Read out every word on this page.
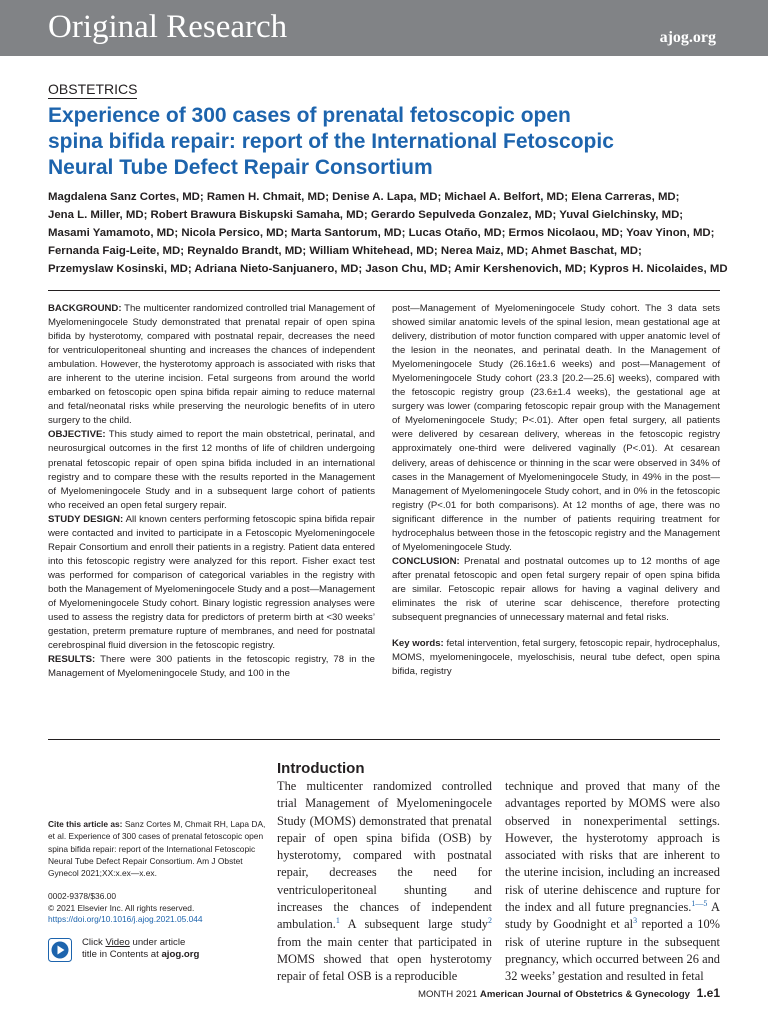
Original Research	ajog.org
OBSTETRICS
Experience of 300 cases of prenatal fetoscopic open
spina bifida repair: report of the International Fetoscopic
Neural Tube Defect Repair Consortium
Magdalena Sanz Cortes, MD; Ramen H. Chmait, MD; Denise A. Lapa, MD; Michael A. Belfort, MD; Elena Carreras, MD;
Jena L. Miller, MD; Robert Brawura Biskupski Samaha, MD; Gerardo Sepulveda Gonzalez, MD; Yuval Gielchinsky, MD;
Masami Yamamoto, MD; Nicola Persico, MD; Marta Santorum, MD; Lucas Otaño, MD; Ermos Nicolaou, MD; Yoav Yinon, MD;
Fernanda Faig-Leite, MD; Reynaldo Brandt, MD; William Whitehead, MD; Nerea Maiz, MD; Ahmet Baschat, MD;
Przemyslaw Kosinski, MD; Adriana Nieto-Sanjuanero, MD; Jason Chu, MD; Amir Kershenovich, MD; Kypros H. Nicolaides, MD

BACKGROUND: The multicenter randomized controlled trial Management of Myelomeningocele Study demonstrated that prenatal repair of open spina bifida by hysterotomy, compared with postnatal repair, decreases the need for ventriculoperitoneal shunting and increases the chances of independent ambulation. However, the hysterotomy approach is associated with risks that are inherent to the uterine incision. Fetal surgeons from around the world embarked on fetoscopic open spina bifida repair aiming to reduce maternal and fetal/neonatal risks while preserving the neurologic benefits of in utero surgery to the child.

OBJECTIVE: This study aimed to report the main obstetrical, perinatal, and neurosurgical outcomes in the first 12 months of life of children undergoing prenatal fetoscopic repair of open spina bifida included in an international registry and to compare these with the results reported in the Management of Myelomeningocele Study and in a subsequent large cohort of patients who received an open fetal surgery repair.

STUDY DESIGN: All known centers performing fetoscopic spina bifida repair were contacted and invited to participate in a Fetoscopic Myelomeningocele Repair Consortium and enroll their patients in a registry. Patient data entered into this fetoscopic registry were analyzed for this report. Fisher exact test was performed for comparison of categorical variables in the registry with both the Management of Myelomeningocele Study and a post—Management of Myelomeningocele Study cohort. Binary logistic regression analyses were used to assess the registry data for predictors of preterm birth at <30 weeks’ gestation, preterm premature rupture of membranes, and need for postnatal cerebrospinal fluid diversion in the fetoscopic registry.

RESULTS: There were 300 patients in the fetoscopic registry, 78 in the Management of Myelomeningocele Study, and 100 in the

post—Management of Myelomeningocele Study cohort. The 3 data sets showed similar anatomic levels of the spinal lesion, mean gestational age at delivery, distribution of motor function compared with upper anatomic level of the lesion in the neonates, and perinatal death. In the Management of Myelomeningocele Study (26.16±1.6 weeks) and post—Management of Myelomeningocele Study cohort (23.3 [20.2—25.6] weeks), compared with the fetoscopic registry group (23.6±1.4 weeks), the gestational age at surgery was lower (comparing fetoscopic repair group with the Management of Myelomeningocele Study; P<.01). After open fetal surgery, all patients were delivered by cesarean delivery, whereas in the fetoscopic registry approximately one-third were delivered vaginally (P<.01). At cesarean delivery, areas of dehiscence or thinning in the scar were observed in 34% of cases in the Management of Myelomeningocele Study, in 49% in the post—Management of Myelomeningocele Study cohort, and in 0% in the fetoscopic registry (P<.01 for both comparisons). At 12 months of age, there was no significant difference in the number of patients requiring treatment for hydrocephalus between those in the fetoscopic registry and the Management of Myelomeningocele Study.

CONCLUSION: Prenatal and postnatal outcomes up to 12 months of age after prenatal fetoscopic and open fetal surgery repair of open spina bifida are similar. Fetoscopic repair allows for having a vaginal delivery and eliminates the risk of uterine scar dehiscence, therefore protecting subsequent pregnancies of unnecessary maternal and fetal risks.

Key words: fetal intervention, fetal surgery, fetoscopic repair, hydrocephalus, MOMS, myelomeningocele, myeloschisis, neural tube defect, open spina bifida, registry

Introduction

The multicenter randomized controlled trial Management of Myelomeningocele Study (MOMS) demonstrated that prenatal repair of open spina bifida (OSB) by hysterotomy, compared with postnatal repair, decreases the need for ventriculoperitoneal shunting and increases the chances of independent ambulation.$^1$ A subsequent large study$^2$ from the main center that participated in MOMS showed that open hysterotomy repair of fetal OSB is a reproducible

technique and proved that many of the advantages reported by MOMS were also observed in nonexperimental settings. However, the hysterotomy approach is associated with risks that are inherent to the uterine incision, including an increased risk of uterine dehiscence and rupture for the index and all future pregnancies.$^{1—5}$ A study by Goodnight et al$^3$ reported a 10% risk of uterine rupture in the subsequent pregnancy, which occurred between 26 and 32 weeks’ gestation and resulted in fetal

Cite this article as: Sanz Cortes M, Chmait RH, Lapa DA, et al. Experience of 300 cases of prenatal fetoscopic open spina bifida repair: report of the International Fetoscopic Neural Tube Defect Repair Consortium. Am J Obstet Gynecol 2021;XX:x.ex—x.ex.
0002-9378/$36.00
© 2021 Elsevier Inc. All rights reserved.
https://doi.org/10.1016/j.ajog.2021.05.044
Click Video under article
title in Contents at ajog.org
MONTH 2021 American Journal of Obstetrics & Gynecology 1.e1
